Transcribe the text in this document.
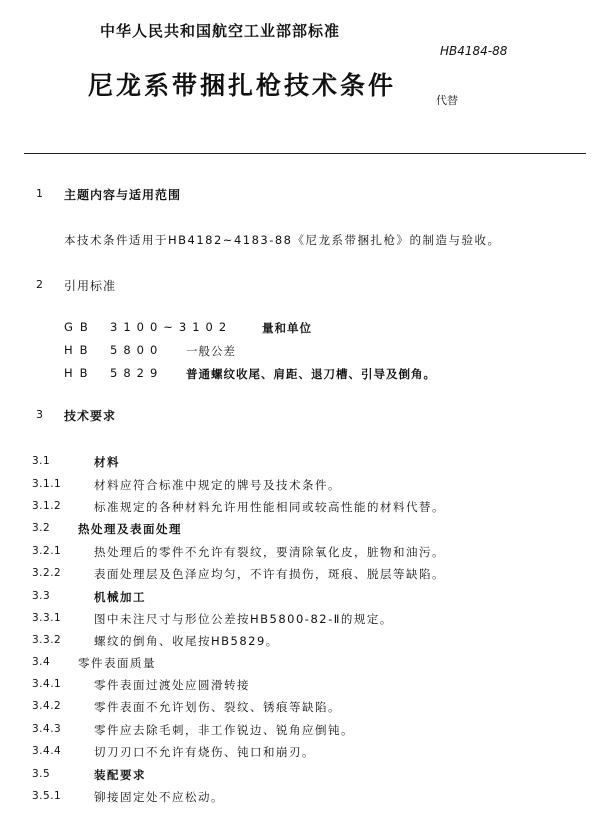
中华人民共和国航空工业部部标准
HB4184-88
尼龙系带捆扎枪技术条件
代替
1 主题内容与适用范围
本技术条件适用于HB4182~4183-88《尼龙系带捆扎枪》的制造与验收。
2 引用标准
GB 3100~3102	量和单位
HB 5800 一般公差
HB 5829 普通螺纹收尾、肩距、退刀槽、引导及倒角。
3 技术要求
3.1	材料
3.1.1	材料应符合标准中规定的牌号及技术条件。
3.1.2	标准规定的各种材料允许用性能相同或较高性能的材料代替。
3.2 热处理及表面处理
3.2.1	热处理后的零件不允许有裂纹，要清除氧化皮，脏物和油污。
3.2.2	表面处理层及色泽应均匀，不许有损伤，斑痕、脱层等缺陷。
3.3	机械加工
3.3.1	图中未注尺寸与形位公差按HB5800-82-Ⅱ的规定。
3.3.2	螺纹的倒角、收尾按HB5829。
3.4 零件表面质量
3.4.1	零件表面过渡处应圆滑转接
3.4.2	零件表面不允许划伤、裂纹、锈痕等缺陷。
3.4.3	零件应去除毛刺，非工作锐边、锐角应倒钝。
3.4.4	切刀刃口不允许有烧伤、钝口和崩刃。
3.5	装配要求
3.5.1	铆接固定处不应松动。
